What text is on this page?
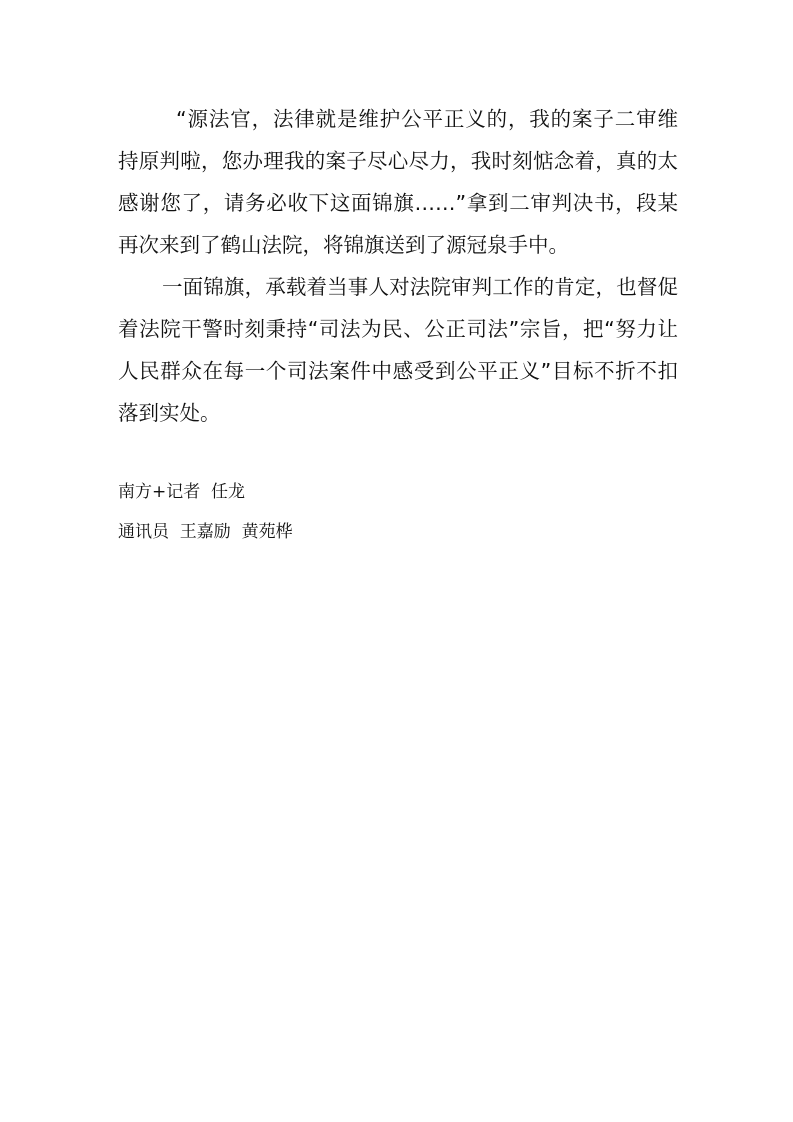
“源法官，法律就是维护公平正义的，我的案子二审维持原判啦，您办理我的案子尽心尽力，我时刻惦念着，真的太感谢您了，请务必收下这面锦旗……”拿到二审判决书，段某再次来到了鹤山法院，将锦旗送到了源冠泉手中。

一面锦旗，承载着当事人对法院审判工作的肯定，也督促着法院干警时刻秉持“司法为民、公正司法”宗旨，把“努力让人民群众在每一个司法案件中感受到公平正义”目标不折不扣落到实处。

南方+记者  任龙

通讯员  王嘉励  黄苑桦
